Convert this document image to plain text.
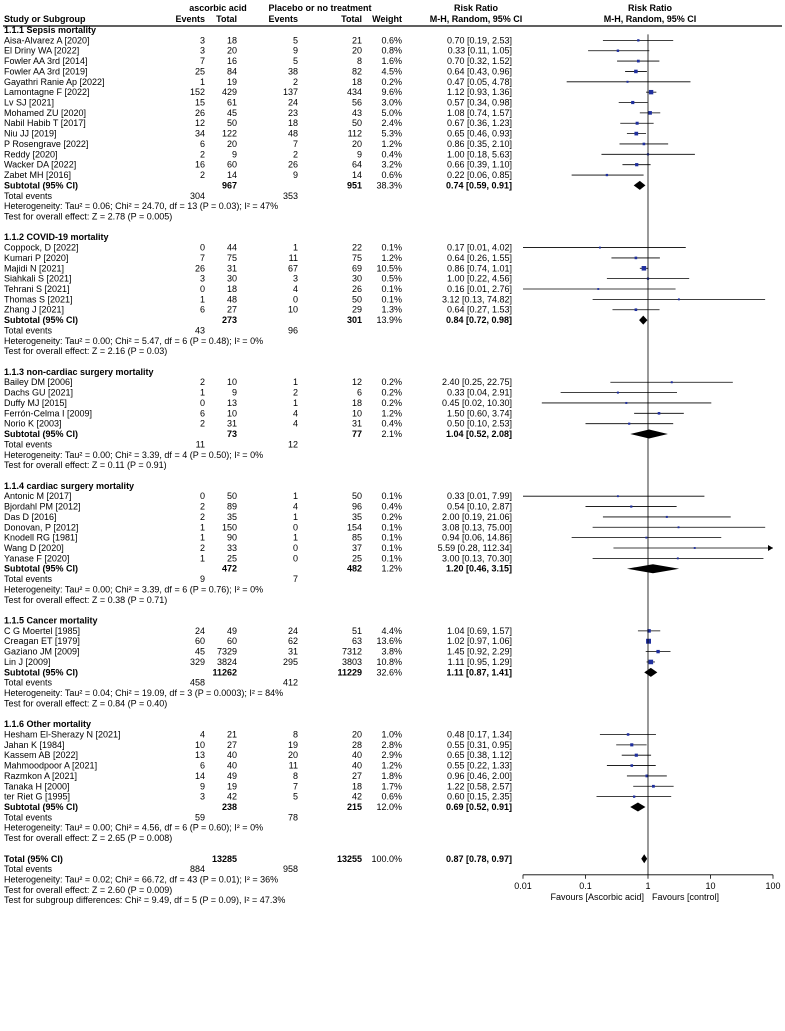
ascorbic acid Placebo or no treatment	Risk Ratio	Risk Ratio
Study or Subgroup	Events Total	Events	Total Weight	M-H, Random, 95% CI	M-H, Random, 95% CI
1.1.1 Sepsis mortality
Aisa-Alvarez A [2020]	3 18	5	21 0.6%	0.70 [0.19, 2.53]
El Driny WA [2022]	3 20	9	20 0.8%	0.33 [0.11, 1.05]
Fowler AA 3rd [2014]	7 16	5	8 1.6%	0.70 [0.32, 1.52]
Fowler AA 3rd [2019]	25 84	38	82 4.5%	0.64 [0.43, 0.96]
Gayathri Ranie Ap [2022]	1 19	2	18 0.2%	0.47 [0.05, 4.78]
Lamontagne F [2022]	152 429	137	434 9.6%	1.12 [0.93, 1.36]
Lv SJ [2021]	15 61	24	56 3.0%	0.57 [0.34, 0.98]
Mohamed ZU [2020]	26 45	23	43 5.0%	1.08 [0.74, 1.57]
Nabil Habib T [2017]	12 50	18	50 2.4%	0.67 [0.36, 1.23]
Niu JJ [2019]	34 122	48	112 5.3%	0.65 [0.46, 0.93]
P Rosengrave [2022]	6 20	7	20 1.2%	0.86 [0.35, 2.10]
Reddy [2020]	2	9	2	9 0.4%	1.00 [0.18, 5.63]
Wacker DA [2022]	16 60	26	64 3.2%	0.66 [0.39, 1.10]
Zabet MH [2016]	2 14	9	14 0.6%	0.22 [0.06, 0.85]
Subtotal (95% CI)	967	951 38.3%	0.74 [0.59, 0.91]
Total events	304	353
Heterogeneity: Tau² = 0.06; Chi² = 24.70, df = 13 (P = 0.03); I² = 47%
Test for overall effect: Z = 2.78 (P = 0.005)
1.1.2 COVID-19 mortality
Coppock, D [2022]	0 44	1	22 0.1%	0.17 [0.01, 4.02]
Kumari P [2020]	7 75	11	75 1.2%	0.64 [0.26, 1.55]
Majidi N [2021]	26 31	67	69 10.5%	0.86 [0.74, 1.01]
Siahkali S [2021]	3 30	3	30 0.5%	1.00 [0.22, 4.56]
Tehrani S [2021]	0 18	4	26 0.1%	0.16 [0.01, 2.76]
Thomas S [2021]	1 48	0	50 0.1%	3.12 [0.13, 74.82]
Zhang J [2021]	6 27	10	29 1.3%	0.64 [0.27, 1.53]
Subtotal (95% CI)	273	301 13.9%	0.84 [0.72, 0.98]
Total events	43	96
Heterogeneity: Tau² = 0.00; Chi² = 5.47, df = 6 (P = 0.48); I² = 0%
Test for overall effect: Z = 2.16 (P = 0.03)
1.1.3 non-cardiac surgery mortality
Bailey DM [2006]	2 10	1	12 0.2%	2.40 [0.25, 22.75]
Dachs GU [2021]	1	9	2	6 0.2%	0.33 [0.04, 2.91]
Duffy MJ [2015]	0 13	1	18 0.2%	0.45 [0.02, 10.30]
Ferrón-Celma I [2009]	6 10	4	10 1.2%	1.50 [0.60, 3.74]
Norio K [2003]	2 31	4	31 0.4%	0.50 [0.10, 2.53]
Subtotal (95% CI)	73	77 2.1%	1.04 [0.52, 2.08]
Total events	11	12
Heterogeneity: Tau² = 0.00; Chi² = 3.39, df = 4 (P = 0.50); I² = 0%
Test for overall effect: Z = 0.11 (P = 0.91)
1.1.4 cardiac surgery mortality
Antonic M [2017]	0 50	1	50 0.1%	0.33 [0.01, 7.99]
Bjordahl PM [2012]	2 89	4	96 0.4%	0.54 [0.10, 2.87]
Das D [2016]	2 35	1	35 0.2%	2.00 [0.19, 21.06]
Donovan, P [2012]	1 150	0	154 0.1%	3.08 [0.13, 75.00]
Knodell RG [1981]	1 90	1	85 0.1%	0.94 [0.06, 14.86]
Wang D [2020]	2 33	0	37 0.1%	5.59 [0.28, 112.34]
Yanase F [2020]	1 25	0	25 0.1%	3.00 [0.13, 70.30]
Subtotal (95% CI)	472	482 1.2%	1.20 [0.46, 3.15]
Total events	9	7
Heterogeneity: Tau² = 0.00; Chi² = 3.39, df = 6 (P = 0.76); I² = 0%
Test for overall effect: Z = 0.38 (P = 0.71)
1.1.5 Cancer mortality
C G Moertel [1985]	24 49	24	51 4.4%	1.04 [0.69, 1.57]
Creagan ET [1979]	60 60	62	63 13.6%	1.02 [0.97, 1.06]
Gaziano JM [2009]	45 7329	31	7312 3.8%	1.45 [0.92, 2.29]
Lin J [2009]	329 3824	295	3803 10.8%	1.11 [0.95, 1.29]
Subtotal (95% CI)	11262	11229 32.6%	1.11 [0.87, 1.41]
Total events	458	412
Heterogeneity: Tau² = 0.04; Chi² = 19.09, df = 3 (P = 0.0003); I² = 84%
Test for overall effect: Z = 0.84 (P = 0.40)
1.1.6 Other mortality
Hesham El-Sherazy N [2021]	4 21	8	20 1.0%	0.48 [0.17, 1.34]
Jahan K [1984]	10 27	19	28 2.8%	0.55 [0.31, 0.95]
Kassem AB [2022]	13 40	20	40 2.9%	0.65 [0.38, 1.12]
Mahmoodpoor A [2021]	6 40	11	40 1.2%	0.55 [0.22, 1.33]
Razmkon A [2021]	14 49	8	27 1.8%	0.96 [0.46, 2.00]
Tanaka H [2000]	9 19	7	18 1.7%	1.22 [0.58, 2.57]
ter Riet G [1995]	3 42	5	42 0.6%	0.60 [0.15, 2.35]
Subtotal (95% CI)	238	215 12.0%	0.69 [0.52, 0.91]
Total events	59	78
Heterogeneity: Tau² = 0.00; Chi² = 4.56, df = 6 (P = 0.60); I² = 0%
Test for overall effect: Z = 2.65 (P = 0.008)
Total (95% CI)	13285	13255 100.0%	0.87 [0.78, 0.97]
Total events	884	958
Heterogeneity: Tau² = 0.02; Chi² = 66.72, df = 43 (P = 0.01); I² = 36%
Test for overall effect: Z = 2.60 (P = 0.009)
Test for subgroup differences: Chi² = 9.49, df = 5 (P = 0.09), I² = 47.3%
0.01	0.1	1	10	100
Favours [Ascorbic acid] Favours [control]
